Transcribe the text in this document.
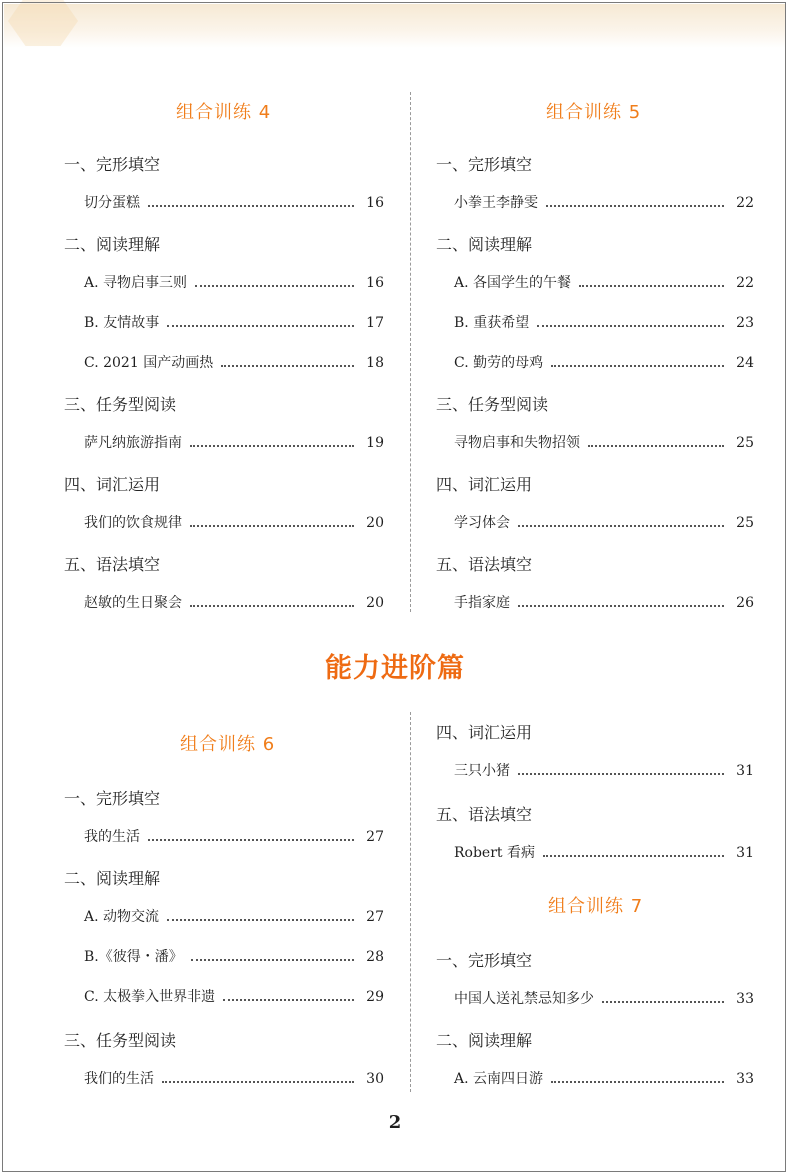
组合训练 4
一、完形填空
切分蛋糕	16
二、阅读理解
A. 寻物启事三则	16
B. 友情故事	17
C. 2021 国产动画热	18
三、任务型阅读
萨凡纳旅游指南	19
四、词汇运用
我们的饮食规律	20
五、语法填空
赵敏的生日聚会	20
组合训练 5
一、完形填空
小拳王李静雯	22
二、阅读理解
A. 各国学生的午餐	22
B. 重获希望	23
C. 勤劳的母鸡	24
三、任务型阅读
寻物启事和失物招领	25
四、词汇运用
学习体会	25
五、语法填空
手指家庭	26
能力进阶篇
组合训练 6
一、完形填空
我的生活	27
二、阅读理解
A. 动物交流	27
B.《彼得・潘》	28
C. 太极拳入世界非遗	29
三、任务型阅读
我们的生活	30
四、词汇运用
三只小猪	31
五、语法填空
Robert 看病	31
组合训练 7
一、完形填空
中国人送礼禁忌知多少	33
二、阅读理解
A. 云南四日游	33
2
